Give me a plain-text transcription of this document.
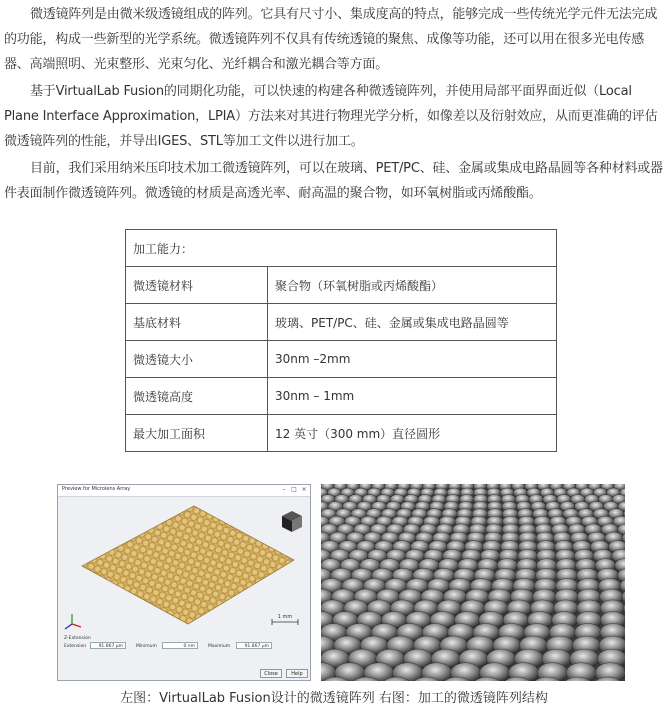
微透镜阵列是由微米级透镜组成的阵列。它具有尺寸小、集成度高的特点，能够完成一些传统光学元件无法完成的功能，构成一些新型的光学系统。微透镜阵列不仅具有传统透镜的聚焦、成像等功能，还可以用在很多光电传感器、高端照明、光束整形、光束匀化、光纤耦合和激光耦合等方面。

基于VirtualLab Fusion的同期化功能，可以快速的构建各种微透镜阵列，并使用局部平面界面近似（Local Plane Interface Approximation，LPIA）方法来对其进行物理光学分析，如像差以及衍射效应，从而更准确的评估微透镜阵列的性能，并导出IGES、STL等加工文件以进行加工。

目前，我们采用纳米压印技术加工微透镜阵列，可以在玻璃、PET/PC、硅、金属或集成电路晶圆等各种材料或器件表面制作微透镜阵列。微透镜的材质是高透光率、耐高温的聚合物，如环氧树脂或丙烯酸酯。

加工能力：	
微透镜材料	聚合物（环氧树脂或丙烯酸酯）
基底材料	玻璃、PET/PC、硅、金属或集成电路晶圆等
微透镜大小	30nm –2mm
微透镜高度	30nm – 1mm
最大加工面积	12 英寸（300 mm）直径圆形
Preview for Microlens Array	– □ ×
1 mm
Z-Extension
Extension	91.867 µm	Minimum	0 nm	Maximum	91.867 µm
Close	Help
左图：VirtualLab Fusion设计的微透镜阵列 右图：加工的微透镜阵列结构
